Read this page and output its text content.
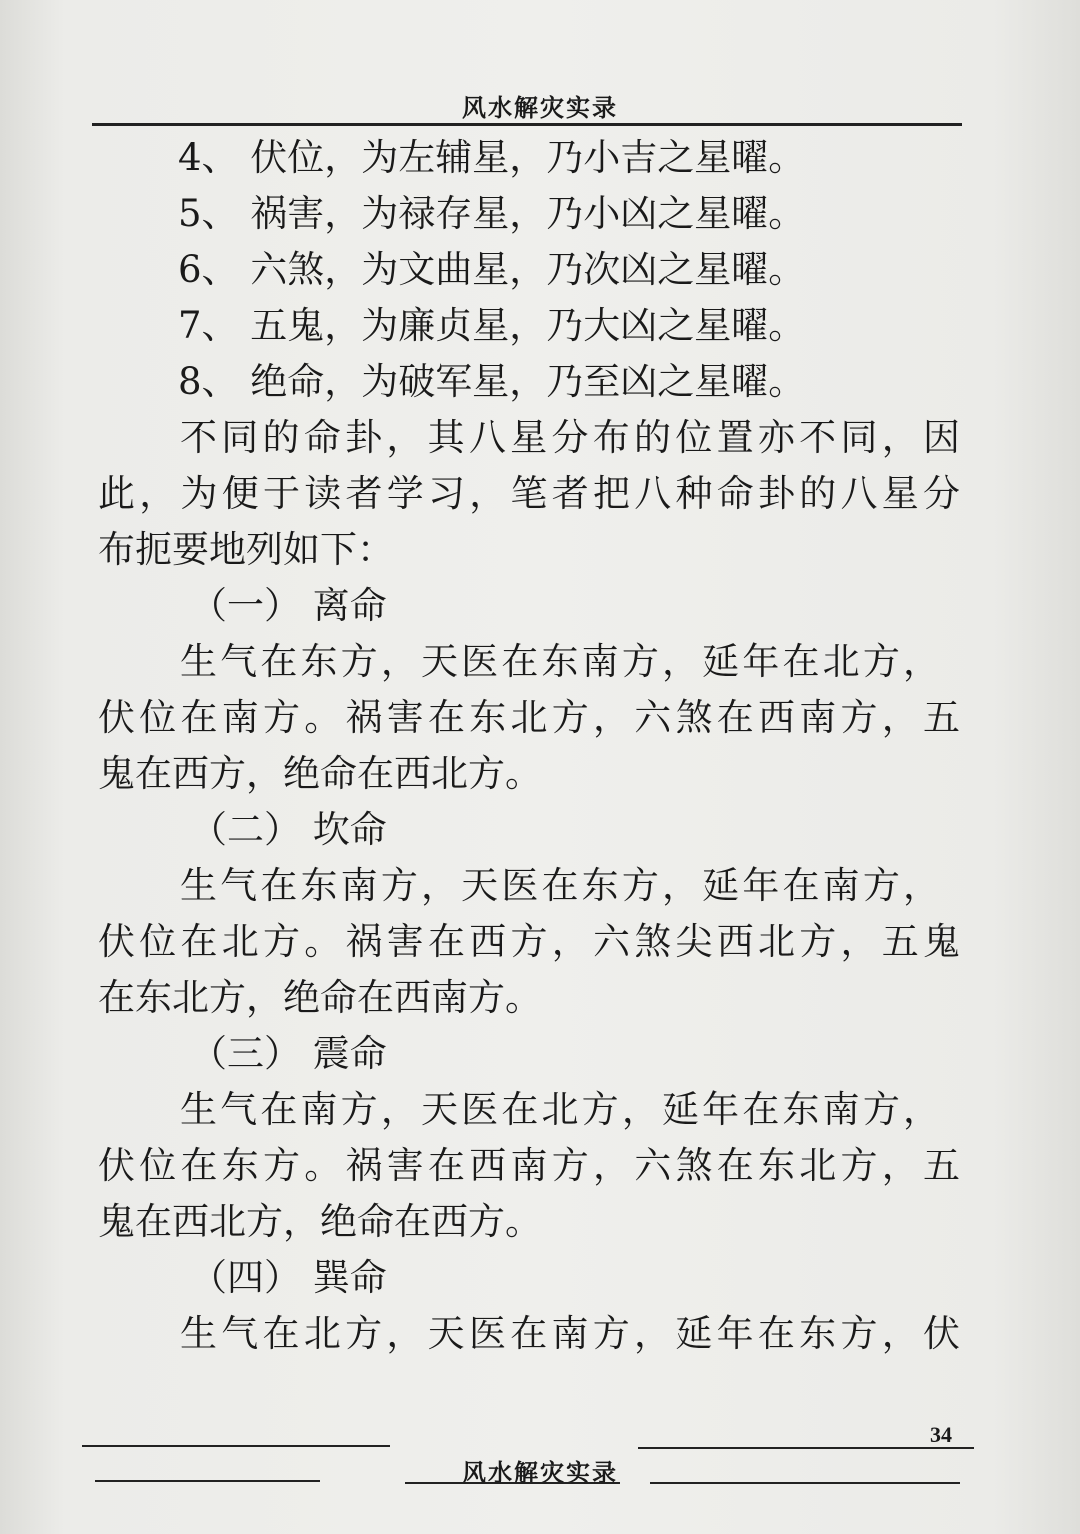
风水解灾实录
4、 伏位，为左辅星，乃小吉之星曜。
5、 祸害，为禄存星，乃小凶之星曜。
6、 六煞，为文曲星，乃次凶之星曜。
7、 五鬼，为廉贞星，乃大凶之星曜。
8、 绝命，为破军星，乃至凶之星曜。
不同的命卦，其八星分布的位置亦不同，因
此，为便于读者学习，笔者把八种命卦的八星分
布扼要地列如下：
（一） 离命
生气在东方，天医在东南方，延年在北方，
伏位在南方。祸害在东北方，六煞在西南方，五
鬼在西方，绝命在西北方。
（二） 坎命
生气在东南方，天医在东方，延年在南方，
伏位在北方。祸害在西方，六煞尖西北方，五鬼
在东北方，绝命在西南方。
（三） 震命
生气在南方，天医在北方，延年在东南方，
伏位在东方。祸害在西南方，六煞在东北方，五
鬼在西北方，绝命在西方。
（四） 巽命
生气在北方，天医在南方，延年在东方，伏
34
风水解灾实录
